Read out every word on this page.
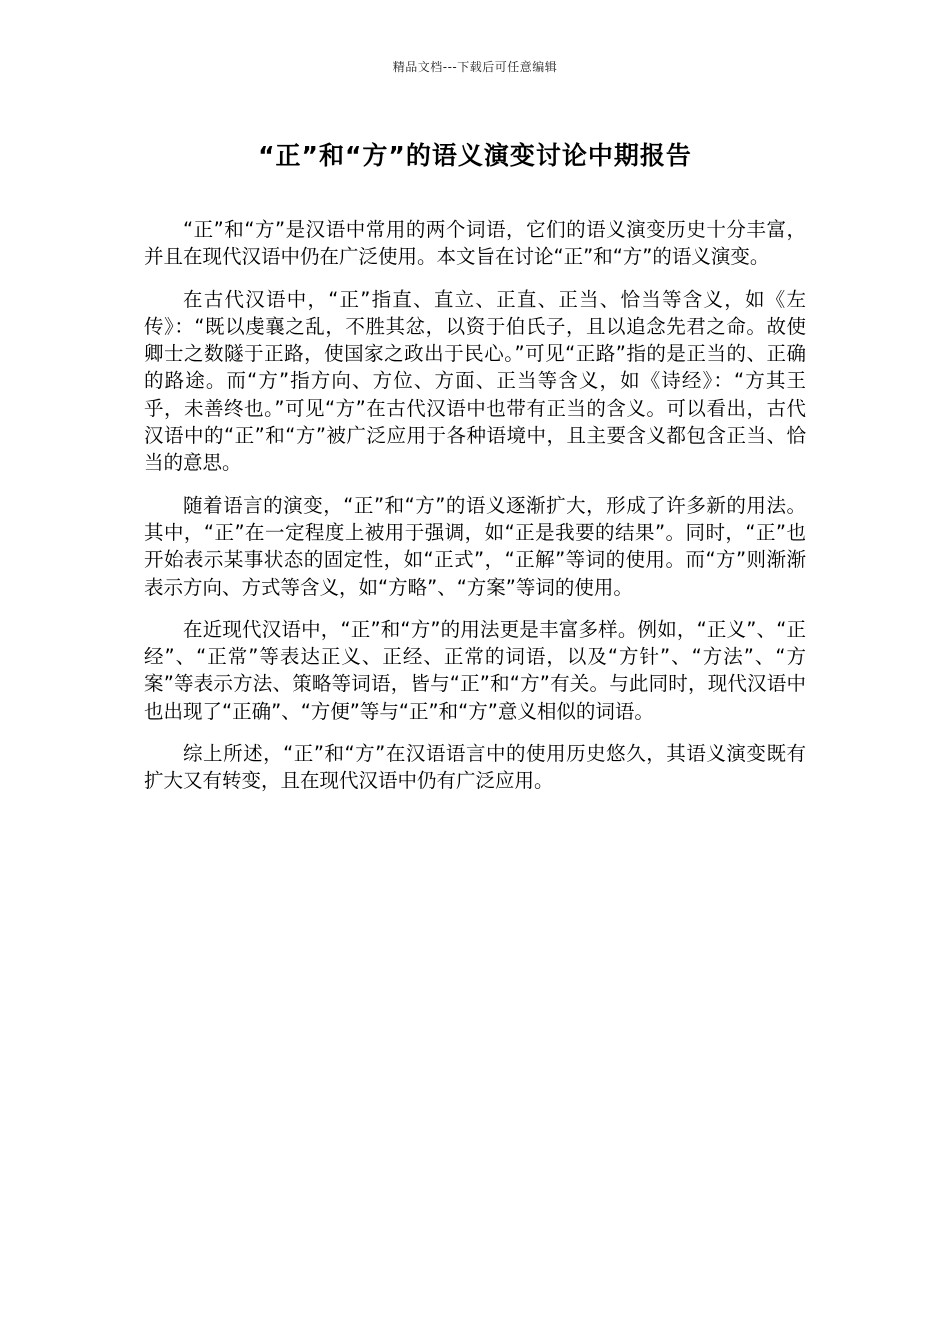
精品文档---下载后可任意编辑
“正”和“方”的语义演变讨论中期报告

“正”和“方”是汉语中常用的两个词语，它们的语义演变历史十分丰富，并且在现代汉语中仍在广泛使用。本文旨在讨论“正”和“方”的语义演变。

在古代汉语中，“正”指直、直立、正直、正当、恰当等含义，如《左传》：“既以虔襄之乱，不胜其忿，以资于伯氏子，且以追念先君之命。故使卿士之数隧于正路，使国家之政出于民心。”可见“正路”指的是正当的、正确的路途。而“方”指方向、方位、方面、正当等含义，如《诗经》：“方其王乎，未善终也。”可见“方”在古代汉语中也带有正当的含义。可以看出，古代汉语中的“正”和“方”被广泛应用于各种语境中，且主要含义都包含正当、恰当的意思。

随着语言的演变，“正”和“方”的语义逐渐扩大，形成了许多新的用法。其中，“正”在一定程度上被用于强调，如“正是我要的结果”。同时，“正”也开始表示某事状态的固定性，如“正式”，“正解”等词的使用。而“方”则渐渐表示方向、方式等含义，如“方略”、“方案”等词的使用。

在近现代汉语中，“正”和“方”的用法更是丰富多样。例如，“正义”、“正经”、“正常”等表达正义、正经、正常的词语，以及“方针”、“方法”、“方案”等表示方法、策略等词语，皆与“正”和“方”有关。与此同时，现代汉语中也出现了“正确”、“方便”等与“正”和“方”意义相似的词语。

综上所述，“正”和“方”在汉语语言中的使用历史悠久，其语义演变既有扩大又有转变，且在现代汉语中仍有广泛应用。
